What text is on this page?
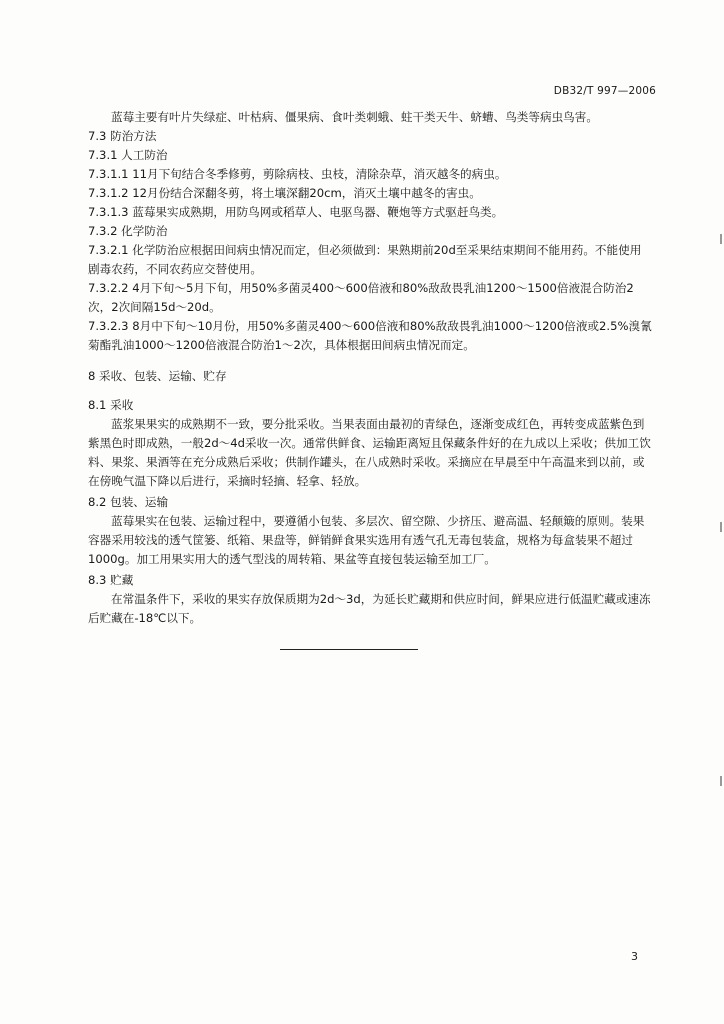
DB32/T 997—2006

蓝莓主要有叶片失绿症、叶枯病、僵果病、食叶类刺蛾、蛀干类天牛、蛴螬、鸟类等病虫鸟害。

7.3 防治方法

7.3.1 人工防治

7.3.1.1 11月下旬结合冬季修剪，剪除病枝、虫枝，清除杂草，消灭越冬的病虫。

7.3.1.2 12月份结合深翻冬剪，将土壤深翻20cm，消灭土壤中越冬的害虫。

7.3.1.3 蓝莓果实成熟期，用防鸟网或稻草人、电驱鸟器、鞭炮等方式驱赶鸟类。

7.3.2 化学防治

7.3.2.1 化学防治应根据田间病虫情况而定，但必须做到：果熟期前20d至采果结束期间不能用药。不能使用剧毒农药，不同农药应交替使用。

7.3.2.2 4月下旬～5月下旬，用50%多菌灵400～600倍液和80%敌敌畏乳油1200～1500倍液混合防治2次，2次间隔15d～20d。

7.3.2.3 8月中下旬～10月份，用50%多菌灵400～600倍液和80%敌敌畏乳油1000～1200倍液或2.5%溴氰菊酯乳油1000～1200倍液混合防治1～2次，具体根据田间病虫情况而定。

8 采收、包装、运输、贮存

8.1 采收

蓝浆果果实的成熟期不一致，要分批采收。当果表面由最初的青绿色，逐渐变成红色，再转变成蓝紫色到紫黑色时即成熟，一般2d～4d采收一次。通常供鲜食、运输距离短且保藏条件好的在九成以上采收；供加工饮料、果浆、果酒等在充分成熟后采收；供制作罐头，在八成熟时采收。采摘应在早晨至中午高温来到以前，或在傍晚气温下降以后进行，采摘时轻摘、轻拿、轻放。

8.2 包装、运输

蓝莓果实在包装、运输过程中，要遵循小包装、多层次、留空隙、少挤压、避高温、轻颠簸的原则。装果容器采用较浅的透气筐篓、纸箱、果盘等，鲜销鲜食果实选用有透气孔无毒包装盒，规格为每盒装果不超过1000g。加工用果实用大的透气型浅的周转箱、果盆等直接包装运输至加工厂。

8.3 贮藏

在常温条件下，采收的果实存放保质期为2d～3d，为延长贮藏期和供应时间，鲜果应进行低温贮藏或速冻后贮藏在-18℃以下。

3
